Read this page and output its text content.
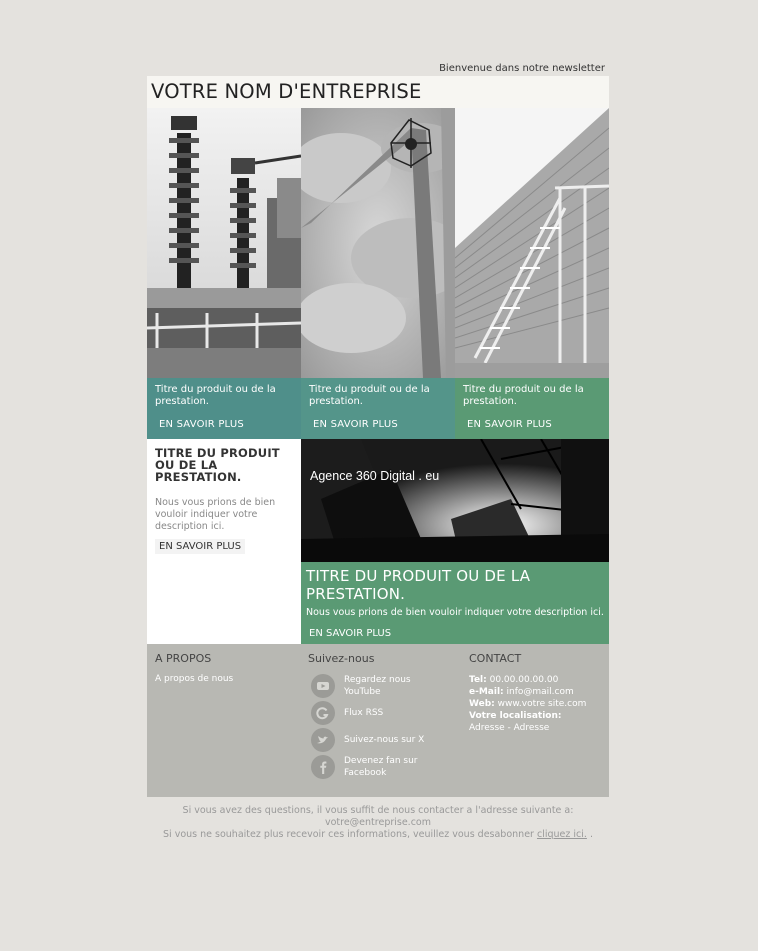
Bienvenue dans notre newsletter
VOTRE NOM D'ENTREPRISE
Titre du produit ou de la prestation.
EN SAVOIR PLUS
Titre du produit ou de la prestation.
EN SAVOIR PLUS
Titre du produit ou de la prestation.
EN SAVOIR PLUS
TITRE DU PRODUIT OU DE LA PRESTATION.
Nous vous prions de bien vouloir indiquer votre description ici.
EN SAVOIR PLUS
Agence 360 Digital . eu
TITRE DU PRODUIT OU DE LA PRESTATION.
Nous vous prions de bien vouloir indiquer votre description ici.
EN SAVOIR PLUS
A PROPOS
A propos de nous
Suivez-nous
Regardez nous YouTube
Flux RSS
Suivez-nous sur X
Devenez fan sur Facebook
CONTACT
Tel: 00.00.00.00.00
e-Mail: info@mail.com
Web: www.votre site.com
Votre localisation:
Adresse - Adresse
Si vous avez des questions, il vous suffit de nous contacter a l'adresse suivante a:
votre@entreprise.com
Si vous ne souhaitez plus recevoir ces informations, veuillez vous desabonner cliquez ici. .
